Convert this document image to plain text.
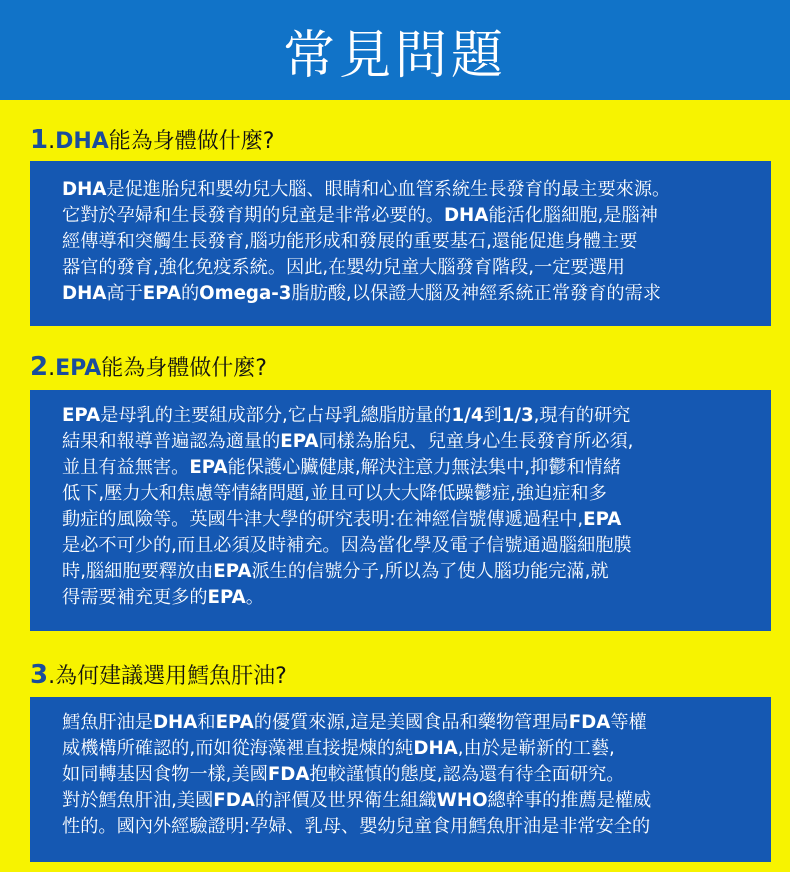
常見問題
1.DHA能為身體做什麼?
DHA是促進胎兒和嬰幼兒大腦、眼睛和心血管系統生長發育的最主要來源。
它對於孕婦和生長發育期的兒童是非常必要的。DHA能活化腦細胞,是腦神
經傳導和突觸生長發育,腦功能形成和發展的重要基石,還能促進身體主要
器官的發育,強化免疫系統。因此,在嬰幼兒童大腦發育階段,一定要選用
DHA高于EPA的Omega-3脂肪酸,以保證大腦及神經系統正常發育的需求
2.EPA能為身體做什麼?
EPA是母乳的主要組成部分,它占母乳總脂肪量的1/4到1/3,現有的研究
結果和報導普遍認為適量的EPA同樣為胎兒、兒童身心生長發育所必須,
並且有益無害。EPA能保護心臟健康,解決注意力無法集中,抑鬱和情緒
低下,壓力大和焦慮等情緒問題,並且可以大大降低躁鬱症,強迫症和多
動症的風險等。英國牛津大學的研究表明:在神經信號傳遞過程中,EPA
是必不可少的,而且必須及時補充。因為當化學及電子信號通過腦細胞膜
時,腦細胞要釋放由EPA派生的信號分子,所以為了使人腦功能完滿,就
得需要補充更多的EPA。
3.為何建議選用鱈魚肝油?
鱈魚肝油是DHA和EPA的優質來源,這是美國食品和藥物管理局FDA等權
威機構所確認的,而如從海藻裡直接提煉的純DHA,由於是嶄新的工藝,
如同轉基因食物一樣,美國FDA抱較謹慎的態度,認為還有待全面研究。
對於鱈魚肝油,美國FDA的評價及世界衛生組織WHO總幹事的推薦是權威
性的。國內外經驗證明:孕婦、乳母、嬰幼兒童食用鱈魚肝油是非常安全的
